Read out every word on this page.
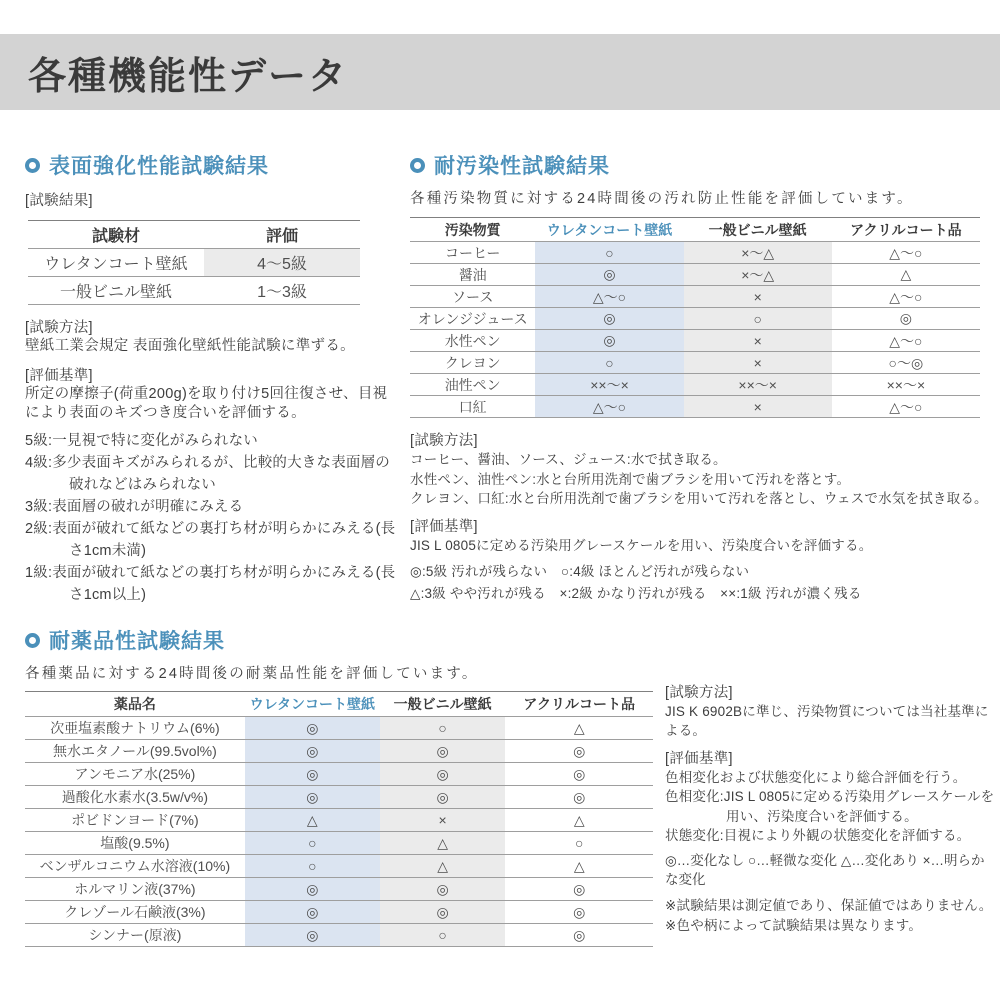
各種機能性データ
表面強化性能試験結果
[試験結果]
試験材	評価
ウレタンコート壁紙	4〜5級
一般ビニル壁紙	1〜3級
[試験方法]
壁紙工業会規定 表面強化壁紙性能試験に準ずる。
[評価基準]
所定の摩擦子(荷重200g)を取り付け5回往復させ、目視により表面のキズつき度合いを評価する。
5級:一見視で特に変化がみられない
4級:多少表面キズがみられるが、比較的大きな表面層の破れなどはみられない
3級:表面層の破れが明確にみえる
2級:表面が破れて紙などの裏打ち材が明らかにみえる(長さ1cm未満)
1級:表面が破れて紙などの裏打ち材が明らかにみえる(長さ1cm以上)
耐汚染性試験結果
各種汚染物質に対する24時間後の汚れ防止性能を評価しています。
汚染物質	ウレタンコート壁紙	一般ビニル壁紙	アクリルコート品
コーヒー	○	×〜△	△〜○
醤油	◎	×〜△	△
ソース	△〜○	×	△〜○
オレンジジュース	◎	○	◎
水性ペン	◎	×	△〜○
クレヨン	○	×	○〜◎
油性ペン	××〜×	××〜×	××〜×
口紅	△〜○	×	△〜○
[試験方法]
コーヒー、醤油、ソース、ジュース:水で拭き取る。
水性ペン、油性ペン:水と台所用洗剤で歯ブラシを用いて汚れを落とす。
クレヨン、口紅:水と台所用洗剤で歯ブラシを用いて汚れを落とし、ウェスで水気を拭き取る。
[評価基準]
JIS L 0805に定める汚染用グレースケールを用い、汚染度合いを評価する。
◎:5級 汚れが残らない　○:4級 ほとんど汚れが残らない
△:3級 やや汚れが残る　×:2級 かなり汚れが残る　××:1級 汚れが濃く残る
耐薬品性試験結果
各種薬品に対する24時間後の耐薬品性能を評価しています。
薬品名	ウレタンコート壁紙	一般ビニル壁紙	アクリルコート品
次亜塩素酸ナトリウム(6%)	◎	○	△
無水エタノール(99.5vol%)	◎	◎	◎
アンモニア水(25%)	◎	◎	◎
過酸化水素水(3.5w/v%)	◎	◎	◎
ポビドンヨード(7%)	△	×	△
塩酸(9.5%)	○	△	○
ベンザルコニウム水溶液(10%)	○	△	△
ホルマリン液(37%)	◎	◎	◎
クレゾール石鹸液(3%)	◎	◎	◎
シンナー(原液)	◎	○	◎
[試験方法]
JIS K 6902Bに準じ、汚染物質については当社基準による。
[評価基準]
色相変化および状態変化により総合評価を行う。
色相変化:JIS L 0805に定める汚染用グレースケールを用い、汚染度合いを評価する。
状態変化:目視により外観の状態変化を評価する。
◎…変化なし ○…軽微な変化 △…変化あり ×…明らかな変化
※試験結果は測定値であり、保証値ではありません。
※色や柄によって試験結果は異なります。
